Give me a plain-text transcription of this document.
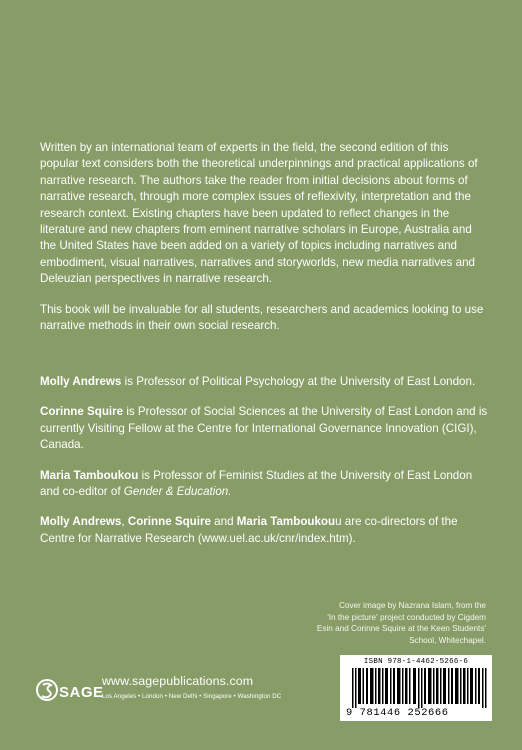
Written by an international team of experts in the field, the second edition of this popular text considers both the theoretical underpinnings and practical applications of narrative research. The authors take the reader from initial decisions about forms of narrative research, through more complex issues of reflexivity, interpretation and the research context. Existing chapters have been updated to reflect changes in the literature and new chapters from eminent narrative scholars in Europe, Australia and the United States have been added on a variety of topics including narratives and embodiment, visual narratives, narratives and storyworlds, new media narratives and Deleuzian perspectives in narrative research.

This book will be invaluable for all students, researchers and academics looking to use narrative methods in their own social research.

Molly Andrews is Professor of Political Psychology at the University of East London.

Corinne Squire is Professor of Social Sciences at the University of East London and is currently Visiting Fellow at the Centre for International Governance Innovation (CIGI), Canada.

Maria Tamboukou is Professor of Feminist Studies at the University of East London and co-editor of Gender & Education.

Molly Andrews, Corinne Squire and Maria Tamboukouu are co-directors of the Centre for Narrative Research (www.uel.ac.uk/cnr/index.htm).

Cover image by Nazrana Islam, from the
'In the picture' project conducted by Cigdem
Esin and Corinne Squire at the Keen Students'
School, Whitechapel.
SAGE
www.sagepublications.com
Los Angeles • London • New Delhi • Singapore • Washington DC
ISBN 978-1-4462-5266-6
9 781446 252666
